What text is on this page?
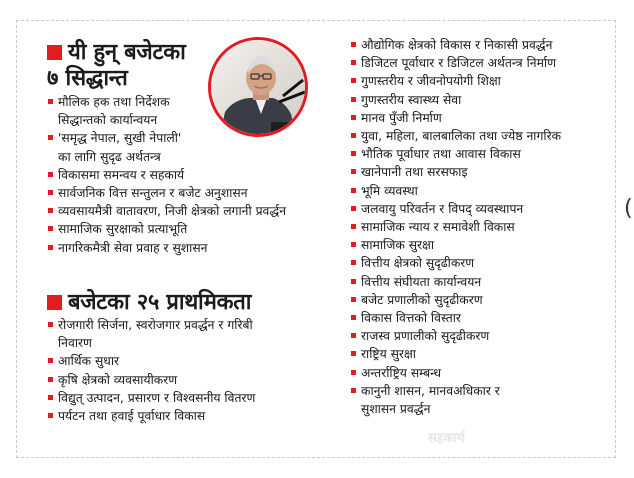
यी हुन् बजेटका
७ सिद्धान्त
मौलिक हक तथा निर्देशक
सिद्धान्तको कार्यान्वयन
'समृद्ध नेपाल, सुखी नेपाली'
का लागि सुदृढ अर्थतन्त्र
विकासमा समन्वय र सहकार्य
सार्वजनिक वित्त सन्तुलन र बजेट अनुशासन
व्यवसायमैत्री वातावरण, निजी क्षेत्रको लगानी प्रवर्द्धन
सामाजिक सुरक्षाको प्रत्याभूति
नागरिकमैत्री सेवा प्रवाह र सुशासन
बजेटका २५ प्राथमिकता
रोजगारी सिर्जना, स्वरोजगार प्रवर्द्धन र गरिबी
निवारण
आर्थिक सुधार
कृषि क्षेत्रको व्यवसायीकरण
विद्युत् उत्पादन, प्रसारण र विश्वसनीय वितरण
पर्यटन तथा हवाई पूर्वाधार विकास
औद्योगिक क्षेत्रको विकास र निकासी प्रवर्द्धन
डिजिटल पूर्वाधार र डिजिटल अर्थतन्त्र निर्माण
गुणस्तरीय र जीवनोपयोगी शिक्षा
गुणस्तरीय स्वास्थ्य सेवा
मानव पुँजी निर्माण
युवा, महिला, बालबालिका तथा ज्येष्ठ नागरिक
भौतिक पूर्वाधार तथा आवास विकास
खानेपानी तथा सरसफाइ
भूमि व्यवस्था
जलवायु परिवर्तन र विपद् व्यवस्थापन
सामाजिक न्याय र समावेशी विकास
सामाजिक सुरक्षा
वित्तीय क्षेत्रको सुदृढीकरण
वित्तीय संघीयता कार्यान्वयन
बजेट प्रणालीको सुदृढीकरण
विकास वित्तको विस्तार
राजस्व प्रणालीको सुदृढीकरण
राष्ट्रिय सुरक्षा
अन्तर्राष्ट्रिय सम्बन्ध
कानुनी शासन, मानवअधिकार र
सुशासन प्रवर्द्धन
सहकार्य
(
